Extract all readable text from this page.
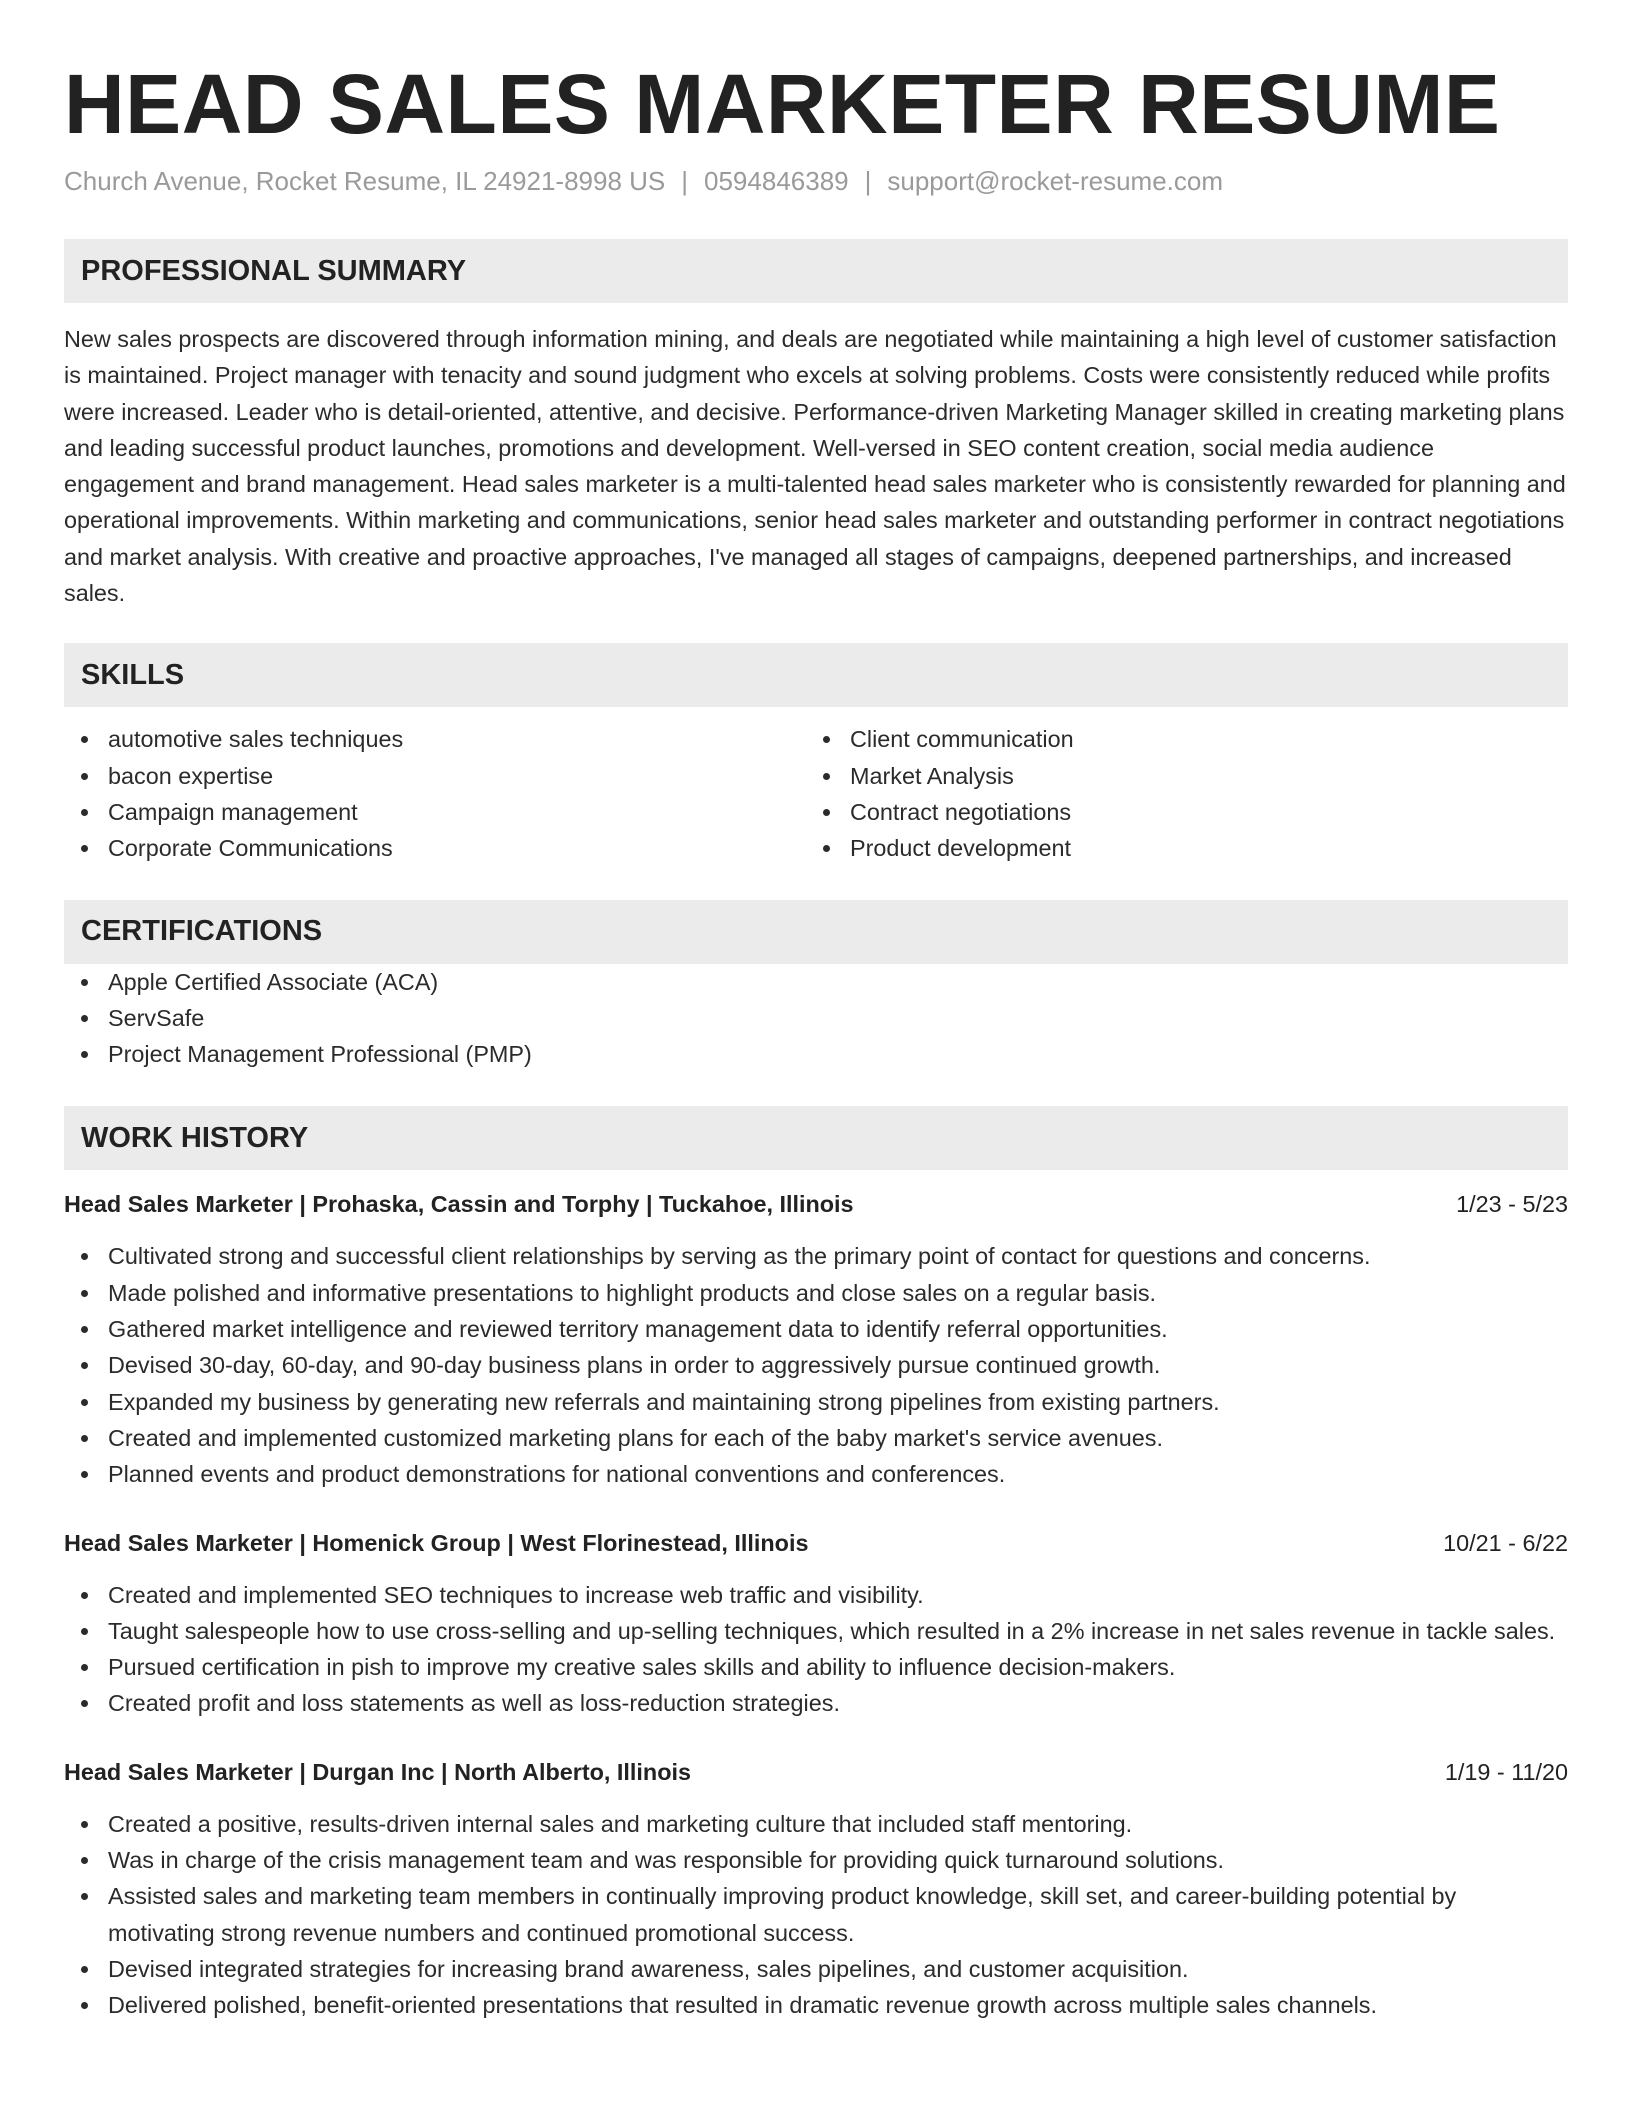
HEAD SALES MARKETER RESUME
Church Avenue, Rocket Resume, IL 24921-8998 US | 0594846389 | support@rocket-resume.com
PROFESSIONAL SUMMARY
New sales prospects are discovered through information mining, and deals are negotiated while maintaining a high level of customer satisfaction is maintained. Project manager with tenacity and sound judgment who excels at solving problems. Costs were consistently reduced while profits were increased. Leader who is detail-oriented, attentive, and decisive. Performance-driven Marketing Manager skilled in creating marketing plans and leading successful product launches, promotions and development. Well-versed in SEO content creation, social media audience engagement and brand management. Head sales marketer is a multi-talented head sales marketer who is consistently rewarded for planning and operational improvements. Within marketing and communications, senior head sales marketer and outstanding performer in contract negotiations and market analysis. With creative and proactive approaches, I've managed all stages of campaigns, deepened partnerships, and increased sales.
SKILLS
automotive sales techniques
bacon expertise
Campaign management
Corporate Communications
Client communication
Market Analysis
Contract negotiations
Product development
CERTIFICATIONS
Apple Certified Associate (ACA)
ServSafe
Project Management Professional (PMP)
WORK HISTORY
Head Sales Marketer | Prohaska, Cassin and Torphy | Tuckahoe, Illinois	1/23 - 5/23
Cultivated strong and successful client relationships by serving as the primary point of contact for questions and concerns.
Made polished and informative presentations to highlight products and close sales on a regular basis.
Gathered market intelligence and reviewed territory management data to identify referral opportunities.
Devised 30-day, 60-day, and 90-day business plans in order to aggressively pursue continued growth.
Expanded my business by generating new referrals and maintaining strong pipelines from existing partners.
Created and implemented customized marketing plans for each of the baby market's service avenues.
Planned events and product demonstrations for national conventions and conferences.
Head Sales Marketer | Homenick Group | West Florinestead, Illinois	10/21 - 6/22
Created and implemented SEO techniques to increase web traffic and visibility.
Taught salespeople how to use cross-selling and up-selling techniques, which resulted in a 2% increase in net sales revenue in tackle sales.
Pursued certification in pish to improve my creative sales skills and ability to influence decision-makers.
Created profit and loss statements as well as loss-reduction strategies.
Head Sales Marketer | Durgan Inc | North Alberto, Illinois	1/19 - 11/20
Created a positive, results-driven internal sales and marketing culture that included staff mentoring.
Was in charge of the crisis management team and was responsible for providing quick turnaround solutions.
Assisted sales and marketing team members in continually improving product knowledge, skill set, and career-building potential by motivating strong revenue numbers and continued promotional success.
Devised integrated strategies for increasing brand awareness, sales pipelines, and customer acquisition.
Delivered polished, benefit-oriented presentations that resulted in dramatic revenue growth across multiple sales channels.
